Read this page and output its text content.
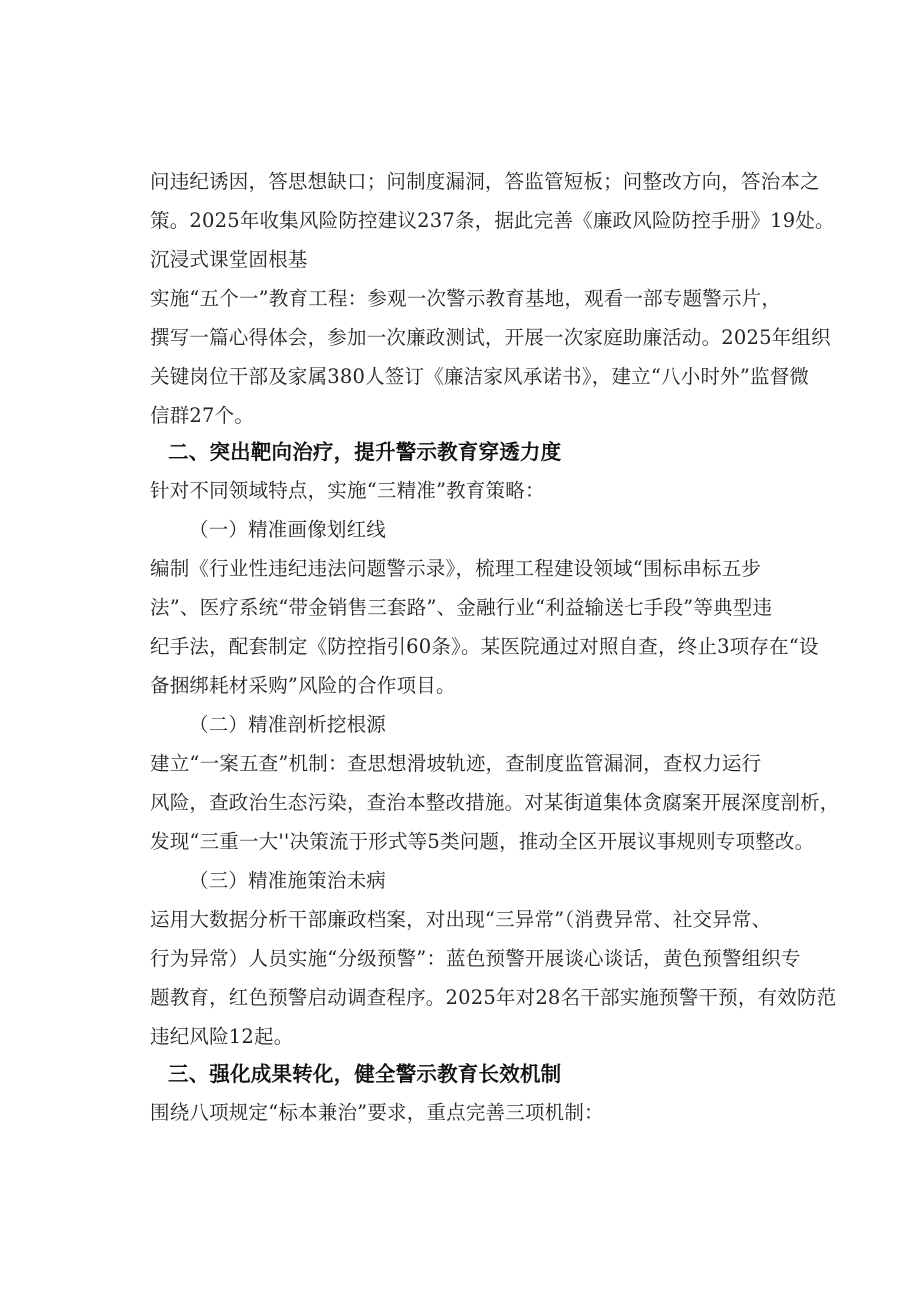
问违纪诱因，答思想缺口；问制度漏洞，答监管短板；问整改方向，答治本之
策。2025年收集风险防控建议237条，据此完善《廉政风险防控手册》19处。
沉浸式课堂固根基
实施“五个一”教育工程：参观一次警示教育基地，观看一部专题警示片，
撰写一篇心得体会，参加一次廉政测试，开展一次家庭助廉活动。2025年组织
关键岗位干部及家属380人签订《廉洁家风承诺书》，建立“八小时外”监督微
信群27个。
二、突出靶向治疗，提升警示教育穿透力度
针对不同领域特点，实施“三精准”教育策略：
（一）精准画像划红线
编制《行业性违纪违法问题警示录》，梳理工程建设领域“围标串标五步
法”、医疗系统“带金销售三套路”、金融行业“利益输送七手段”等典型违
纪手法，配套制定《防控指引60条》。某医院通过对照自查，终止3项存在“设
备捆绑耗材采购”风险的合作项目。
（二）精准剖析挖根源
建立“一案五查”机制：查思想滑坡轨迹，查制度监管漏洞，查权力运行
风险，查政治生态污染，查治本整改措施。对某街道集体贪腐案开展深度剖析，
发现“三重一大''决策流于形式等5类问题，推动全区开展议事规则专项整改。
（三）精准施策治未病
运用大数据分析干部廉政档案，对出现“三异常”（消费异常、社交异常、
行为异常）人员实施“分级预警”：蓝色预警开展谈心谈话，黄色预警组织专
题教育，红色预警启动调查程序。2025年对28名干部实施预警干预，有效防范
违纪风险12起。
三、强化成果转化，健全警示教育长效机制
围绕八项规定“标本兼治”要求，重点完善三项机制：
